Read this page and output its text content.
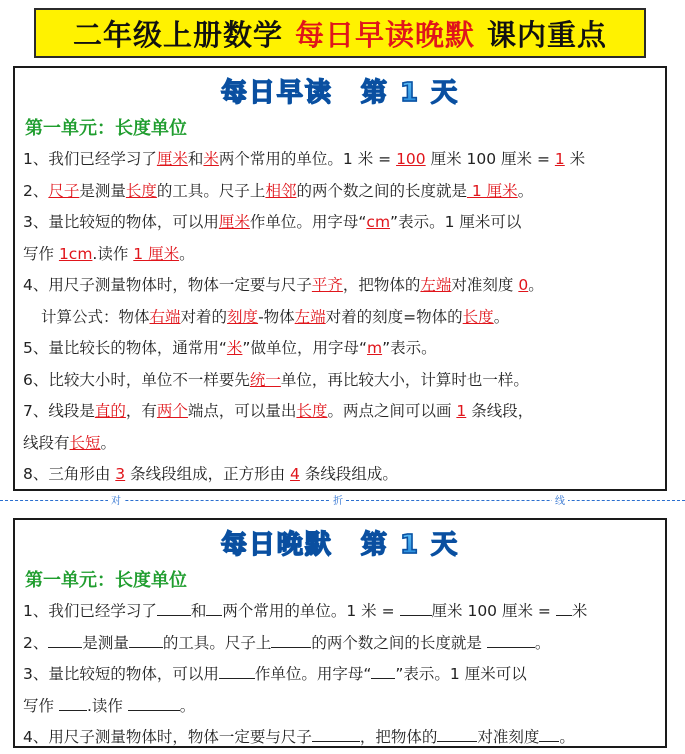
二年级上册数学 每日早读晚默 课内重点
每日早读 第 1 天
第一单元：长度单位
1、我们已经学习了厘米和米两个常用的单位。1 米 = 100 厘米 100 厘米 = 1 米
2、尺子是测量长度的工具。尺子上相邻的两个数之间的长度就是 1 厘米。
3、量比较短的物体，可以用厘米作单位。用字母“cm”表示。1 厘米可以
写作 1cm.读作 1 厘米。
4、用尺子测量物体时，物体一定要与尺子平齐，把物体的左端对准刻度 0。
计算公式：物体右端对着的刻度-物体左端对着的刻度=物体的长度。
5、量比较长的物体，通常用“米”做单位，用字母“m”表示。
6、比较大小时，单位不一样要先统一单位，再比较大小，计算时也一样。
7、线段是直的，有两个端点，可以量出长度。两点之间可以画 1 条线段，
线段有长短。
8、三角形由 3 条线段组成，正方形由 4 条线段组成。
对	折	线
每日晚默 第 1 天
第一单元：长度单位
1、我们已经学习了 和 两个常用的单位。1 米 = 厘米 100 厘米 = 米
2、 是测量 的工具。尺子上	的两个数之间的长度就是	。
3、量比较短的物体，可以用 作单位。用字母“ ”表示。1 厘米可以
写作 .读作	。
4、用尺子测量物体时，物体一定要与尺子	，把物体的	对准刻度 。
